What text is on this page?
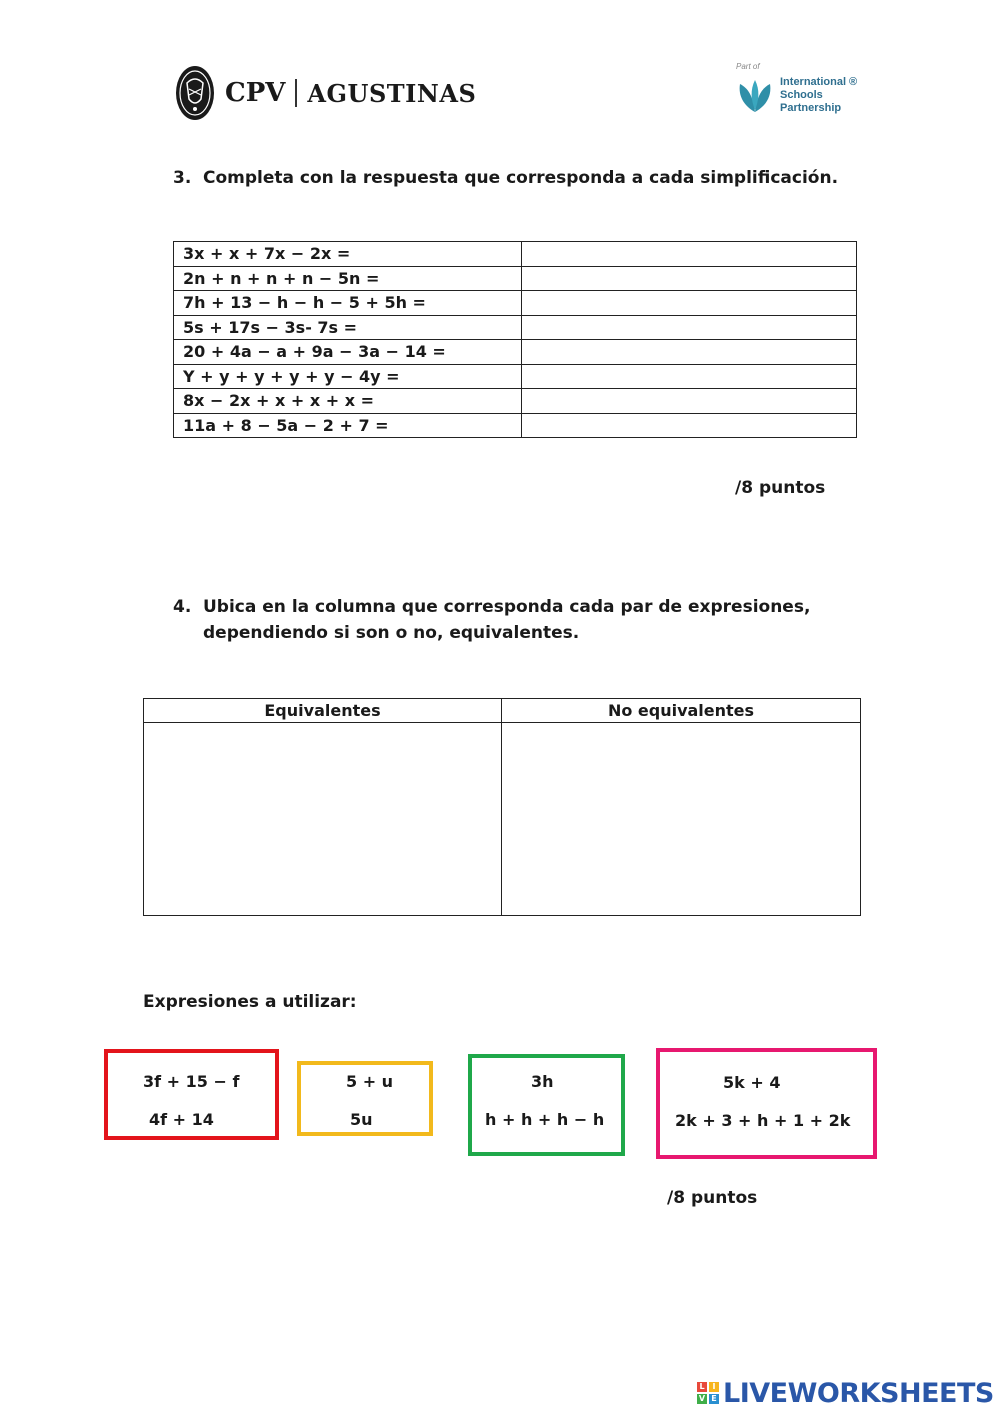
CPV AGUSTINAS
Part of
International ®
Schools
Partnership
3. Completa con la respuesta que corresponda a cada simplificación.
3x + x + 7x − 2x =	
2n + n + n + n − 5n =	
7h + 13 − h − h − 5 + 5h =	
5s + 17s − 3s- 7s =	
20 + 4a − a + 9a − 3a − 14 =	
Y + y + y + y + y − 4y =	
8x − 2x + x + x + x =	
11a + 8 − 5a − 2 + 7 =	
/8 puntos
4. Ubica en la columna que corresponda cada par de expresiones,
dependiendo si son o no, equivalentes.
Equivalentes	No equivalentes

Expresiones a utilizar:
3f + 15 − f
4f + 14
5 + u
5u
3h
h + h + h − h
5k + 4
2k + 3 + h + 1 + 2k
/8 puntos
L I
V E LIVEWORKSHEETS
